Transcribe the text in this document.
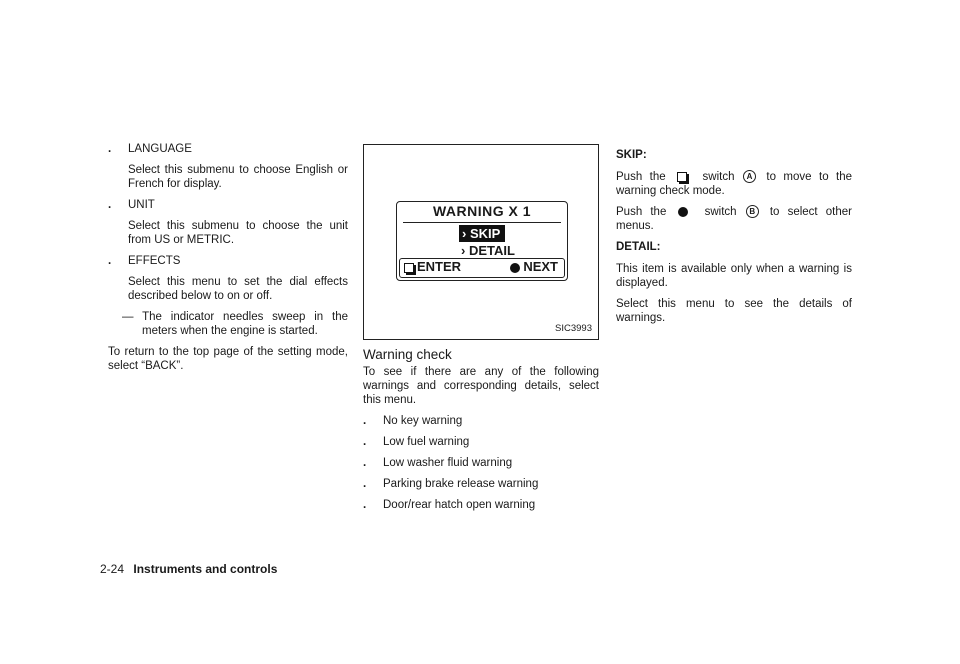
. LANGUAGE
Select this submenu to choose English or French for display.
. UNIT
Select this submenu to choose the unit from US or METRIC.
. EFFECTS
Select this menu to set the dial effects described below to on or off.
— The indicator needles sweep in the meters when the engine is started.

To return to the top page of the setting mode, select “BACK”.

WARNING X 1
› SKIP
› DETAIL
ENTER	NEXT
SIC3993
Warning check

To see if there are any of the following warnings and corresponding details, select this menu.

. No key warning
. Low fuel warning
. Low washer fluid warning
. Parking brake release warning
. Door/rear hatch open warning
SKIP:

Push the	switch A to move to the warning check mode.

Push the	switch B to select other menus.

DETAIL:

This item is available only when a warning is displayed.

Select this menu to see the details of warnings.

2-24 Instruments and controls
